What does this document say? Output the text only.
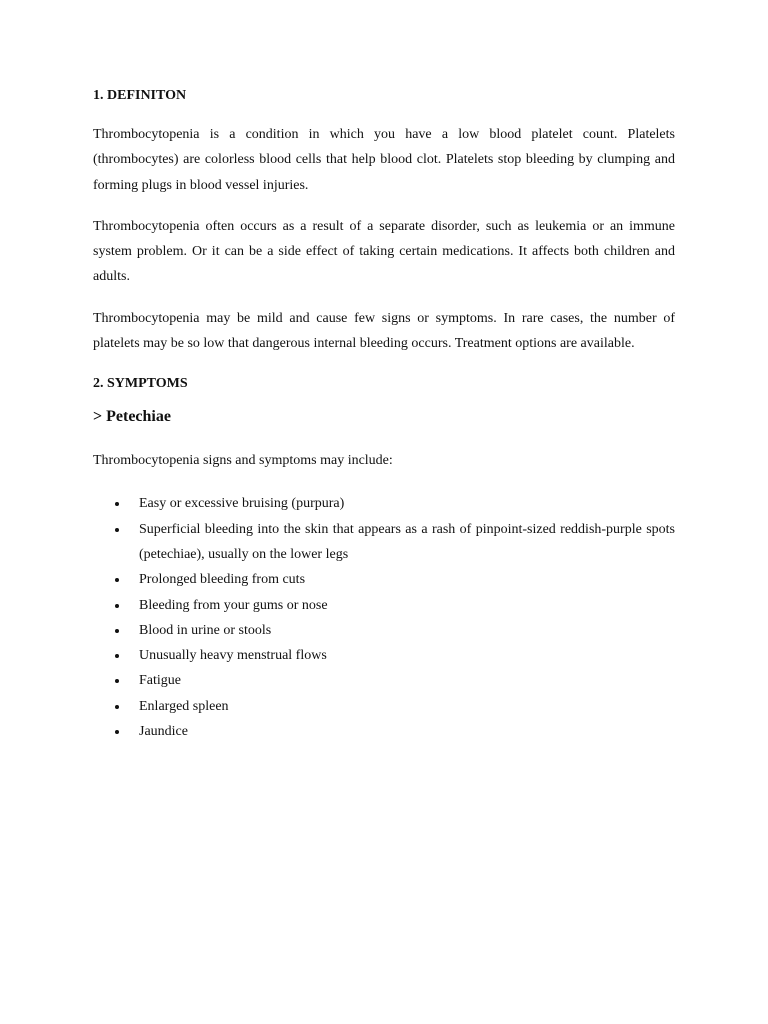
1. DEFINITON

Thrombocytopenia is a condition in which you have a low blood platelet count. Platelets (thrombocytes) are colorless blood cells that help blood clot. Platelets stop bleeding by clumping and forming plugs in blood vessel injuries.

Thrombocytopenia often occurs as a result of a separate disorder, such as leukemia or an immune system problem. Or it can be a side effect of taking certain medications. It affects both children and adults.

Thrombocytopenia may be mild and cause few signs or symptoms. In rare cases, the number of platelets may be so low that dangerous internal bleeding occurs. Treatment options are available.

2. SYMPTOMS
> Petechiae

Thrombocytopenia signs and symptoms may include:

Easy or excessive bruising (purpura)
Superficial bleeding into the skin that appears as a rash of pinpoint-sized reddish-purple spots (petechiae), usually on the lower legs
Prolonged bleeding from cuts
Bleeding from your gums or nose
Blood in urine or stools
Unusually heavy menstrual flows
Fatigue
Enlarged spleen
Jaundice
